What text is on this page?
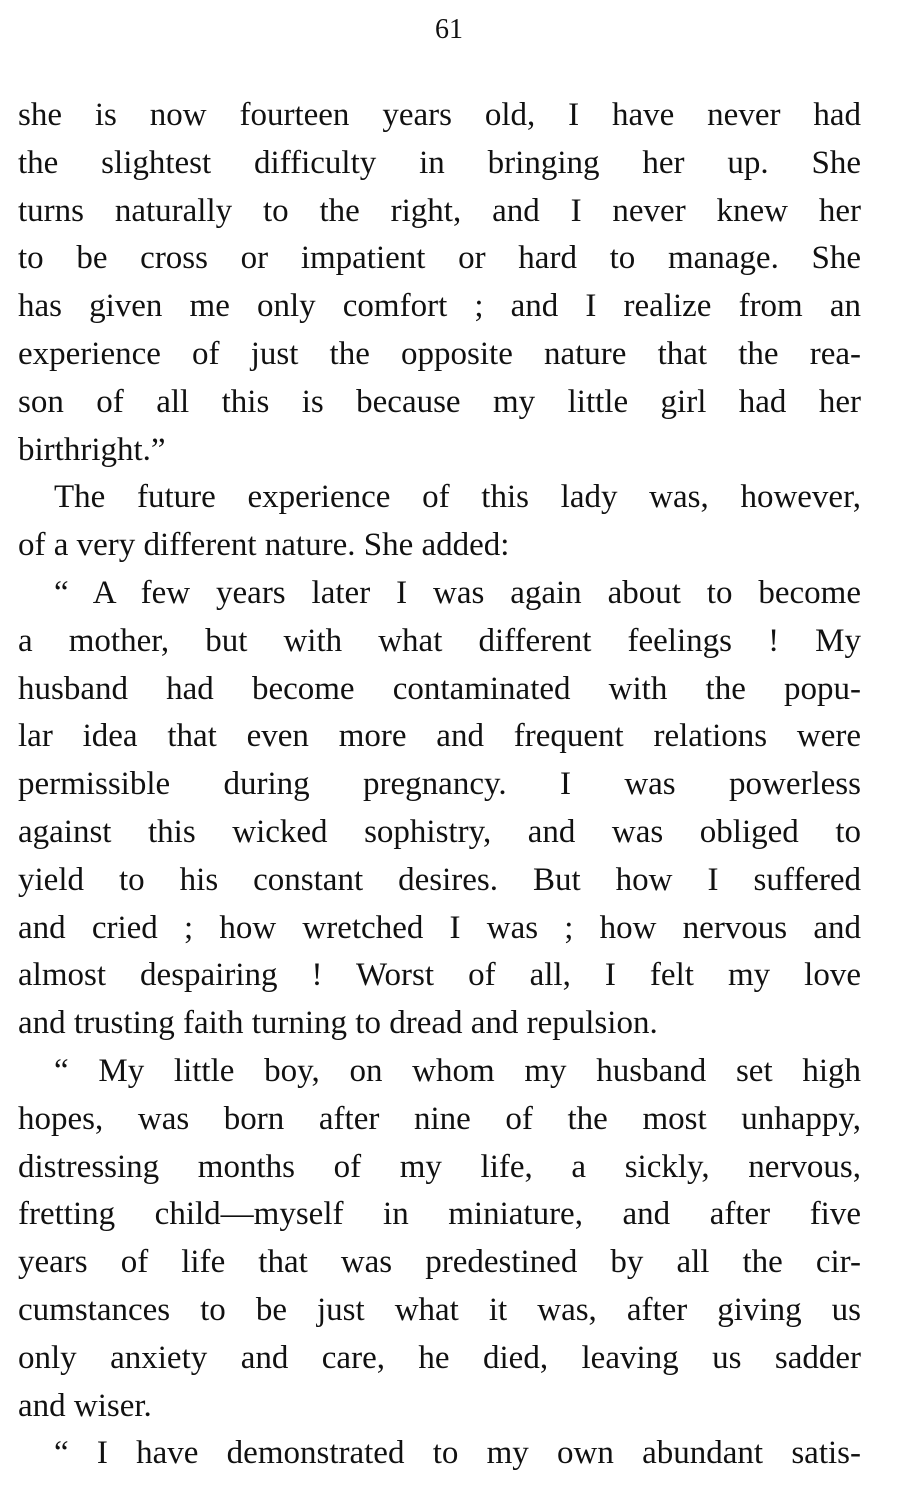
61
she is now fourteen years old, I have never had
the slightest difficulty in bringing her up. She
turns naturally to the right, and I never knew her
to be cross or impatient or hard to manage. She
has given me only comfort ; and I realize from an
experience of just the opposite nature that the rea-
son of all this is because my little girl had her
birthright.”
The future experience of this lady was, however,
of a very different nature. She added:
“ A few years later I was again about to become
a mother, but with what different feelings ! My
husband had become contaminated with the popu-
lar idea that even more and frequent relations were
permissible during pregnancy. I was powerless
against this wicked sophistry, and was obliged to
yield to his constant desires. But how I suffered
and cried ; how wretched I was ; how nervous and
almost despairing ! Worst of all, I felt my love
and trusting faith turning to dread and repulsion.
“ My little boy, on whom my husband set high
hopes, was born after nine of the most unhappy,
distressing months of my life, a sickly, nervous,
fretting child—myself in miniature, and after five
years of life that was predestined by all the cir-
cumstances to be just what it was, after giving us
only anxiety and care, he died, leaving us sadder
and wiser.
“ I have demonstrated to my own abundant satis-
